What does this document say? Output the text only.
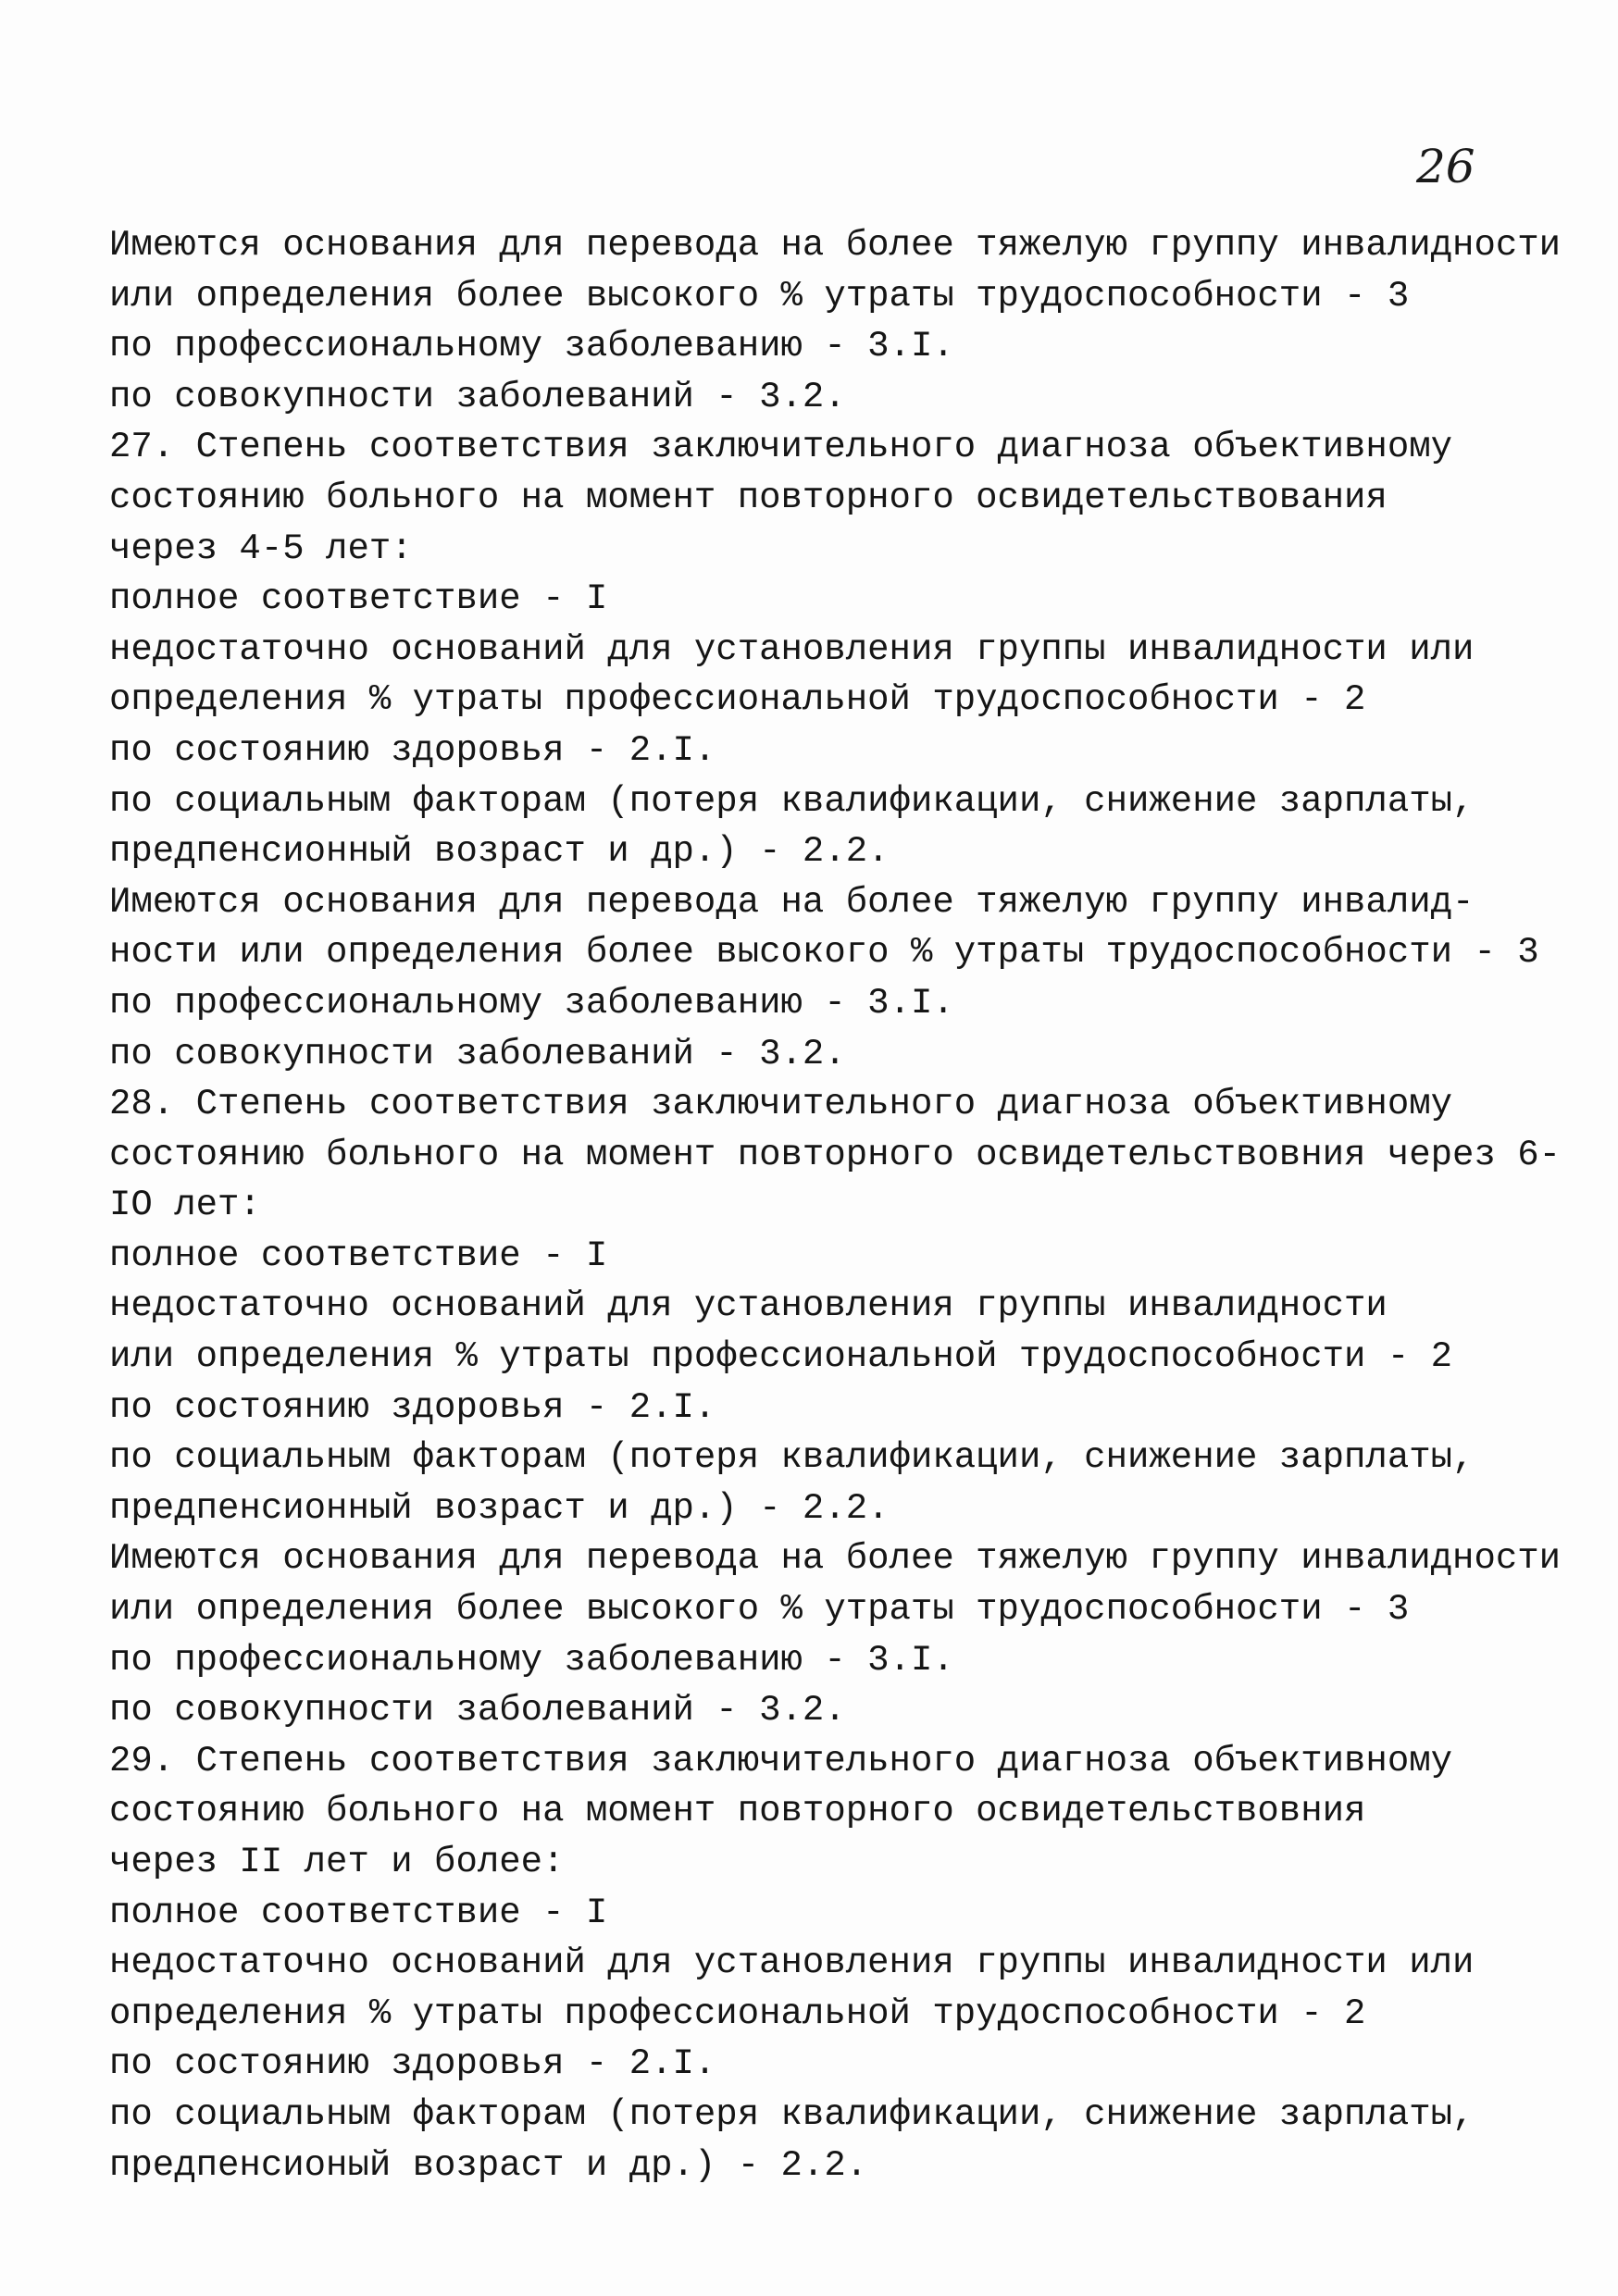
26
Имеются основания для перевода на более тяжелую группу инвалидности
или определения более высокого % утраты трудоспособности - 3
по профессиональному заболеванию - 3.I.
по совокупности заболеваний - 3.2.
27. Степень соответствия заключительного диагноза объективному
состоянию больного на момент повторного освидетельствования
через 4-5 лет:
полное соответствие - I
недостаточно оснований для установления группы инвалидности или
определения % утраты профессиональной трудоспособности - 2
по состоянию здоровья - 2.I.
по социальным факторам (потеря квалификации, снижение зарплаты,
предпенсионный возраст и др.) - 2.2.
Имеются основания для перевода на более тяжелую группу инвалид-
ности или определения более высокого % утраты трудоспособности - 3
по профессиональному заболеванию - 3.I.
по совокупности заболеваний - 3.2.
28. Степень соответствия заключительного диагноза объективному
состоянию больного на момент повторного освидетельствовния через 6-
IO лет:
полное соответствие - I
недостаточно оснований для установления группы инвалидности
или определения % утраты профессиональной трудоспособности - 2
по состоянию здоровья - 2.I.
по социальным факторам (потеря квалификации, снижение зарплаты,
предпенсионный возраст и др.) - 2.2.
Имеются основания для перевода на более тяжелую группу инвалидности
или определения более высокого % утраты трудоспособности - 3
по профессиональному заболеванию - 3.I.
по совокупности заболеваний - 3.2.
29. Степень соответствия заключительного диагноза объективному
состоянию больного на момент повторного освидетельствовния
через II лет и более:
полное соответствие - I
недостаточно оснований для установления группы инвалидности или
определения % утраты профессиональной трудоспособности - 2
по состоянию здоровья - 2.I.
по социальным факторам (потеря квалификации, снижение зарплаты,
предпенсионый возраст и др.) - 2.2.
